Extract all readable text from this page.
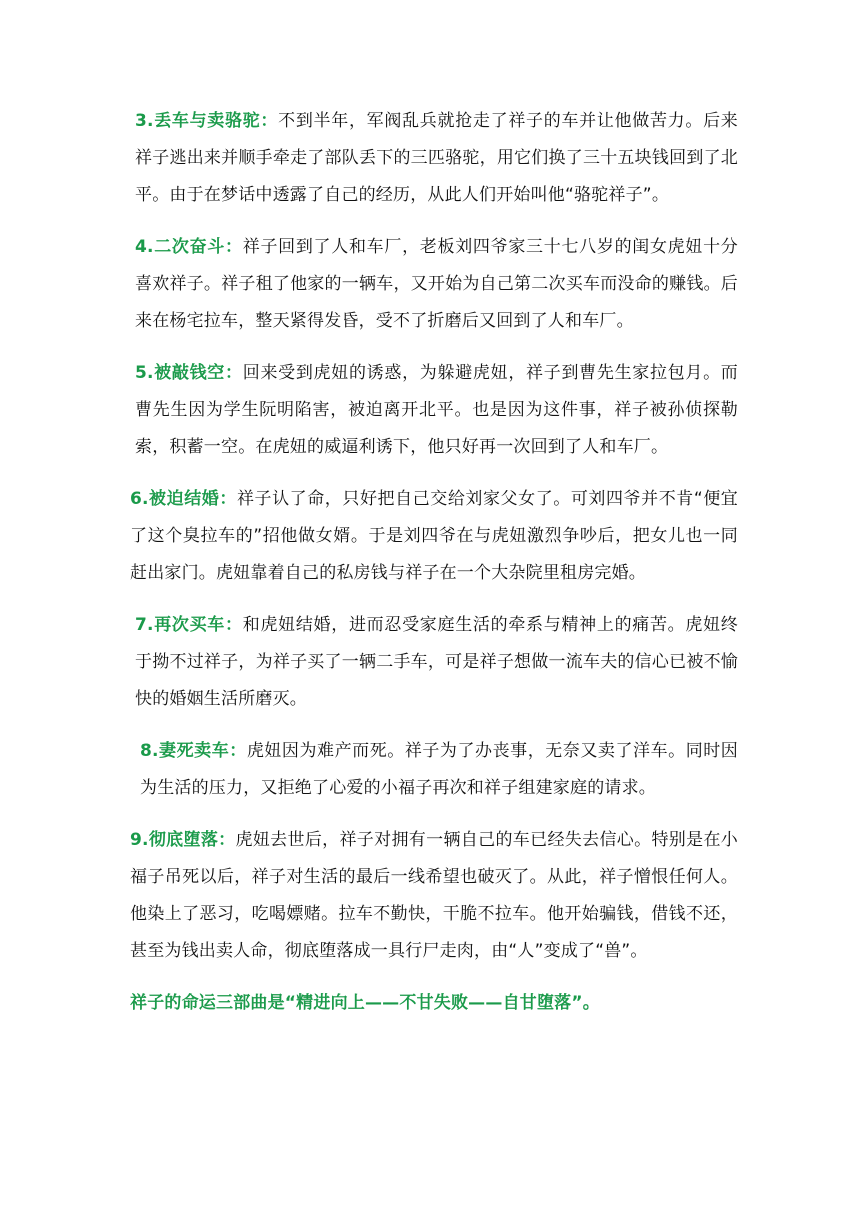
3.丢车与卖骆驼：不到半年，军阀乱兵就抢走了祥子的车并让他做苦力。后来祥子逃出来并顺手牵走了部队丢下的三匹骆驼，用它们换了三十五块钱回到了北平。由于在梦话中透露了自己的经历，从此人们开始叫他“骆驼祥子”。

4.二次奋斗：祥子回到了人和车厂，老板刘四爷家三十七八岁的闺女虎妞十分喜欢祥子。祥子租了他家的一辆车，又开始为自己第二次买车而没命的赚钱。后来在杨宅拉车，整天紧得发昏，受不了折磨后又回到了人和车厂。

5.被敲钱空：回来受到虎妞的诱惑，为躲避虎妞，祥子到曹先生家拉包月。而曹先生因为学生阮明陷害，被迫离开北平。也是因为这件事，祥子被孙侦探勒索，积蓄一空。在虎妞的威逼利诱下，他只好再一次回到了人和车厂。

6.被迫结婚：祥子认了命，只好把自己交给刘家父女了。可刘四爷并不肯“便宜了这个臭拉车的”招他做女婿。于是刘四爷在与虎妞激烈争吵后，把女儿也一同赶出家门。虎妞靠着自己的私房钱与祥子在一个大杂院里租房完婚。

7.再次买车：和虎妞结婚，进而忍受家庭生活的牵系与精神上的痛苦。虎妞终于拗不过祥子，为祥子买了一辆二手车，可是祥子想做一流车夫的信心已被不愉快的婚姻生活所磨灭。

8.妻死卖车：虎妞因为难产而死。祥子为了办丧事，无奈又卖了洋车。同时因为生活的压力，又拒绝了心爱的小福子再次和祥子组建家庭的请求。

9.彻底堕落：虎妞去世后，祥子对拥有一辆自己的车已经失去信心。特别是在小福子吊死以后，祥子对生活的最后一线希望也破灭了。从此，祥子憎恨任何人。他染上了恶习，吃喝嫖赌。拉车不勤快，干脆不拉车。他开始骗钱，借钱不还，甚至为钱出卖人命，彻底堕落成一具行尸走肉，由“人”变成了“兽”。

祥子的命运三部曲是“精进向上——不甘失败——自甘堕落”。
